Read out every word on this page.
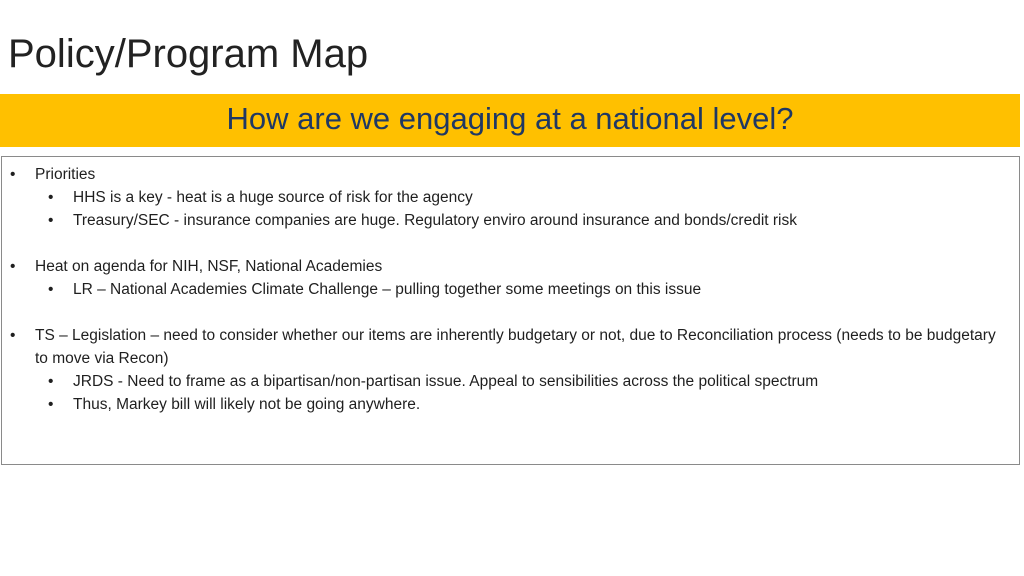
Policy/Program Map
How are we engaging at a national level?
• Priorities
• HHS is a key - heat is a huge source of risk for the agency
• Treasury/SEC - insurance companies are huge. Regulatory enviro around insurance and bonds/credit risk
• Heat on agenda for NIH, NSF, National Academies
• LR – National Academies Climate Challenge – pulling together some meetings on this issue
• TS – Legislation – need to consider whether our items are inherently budgetary or not, due to Reconciliation process (needs to be budgetary to move via Recon)
• JRDS - Need to frame as a bipartisan/non-partisan issue. Appeal to sensibilities across the political spectrum
• Thus, Markey bill will likely not be going anywhere.
